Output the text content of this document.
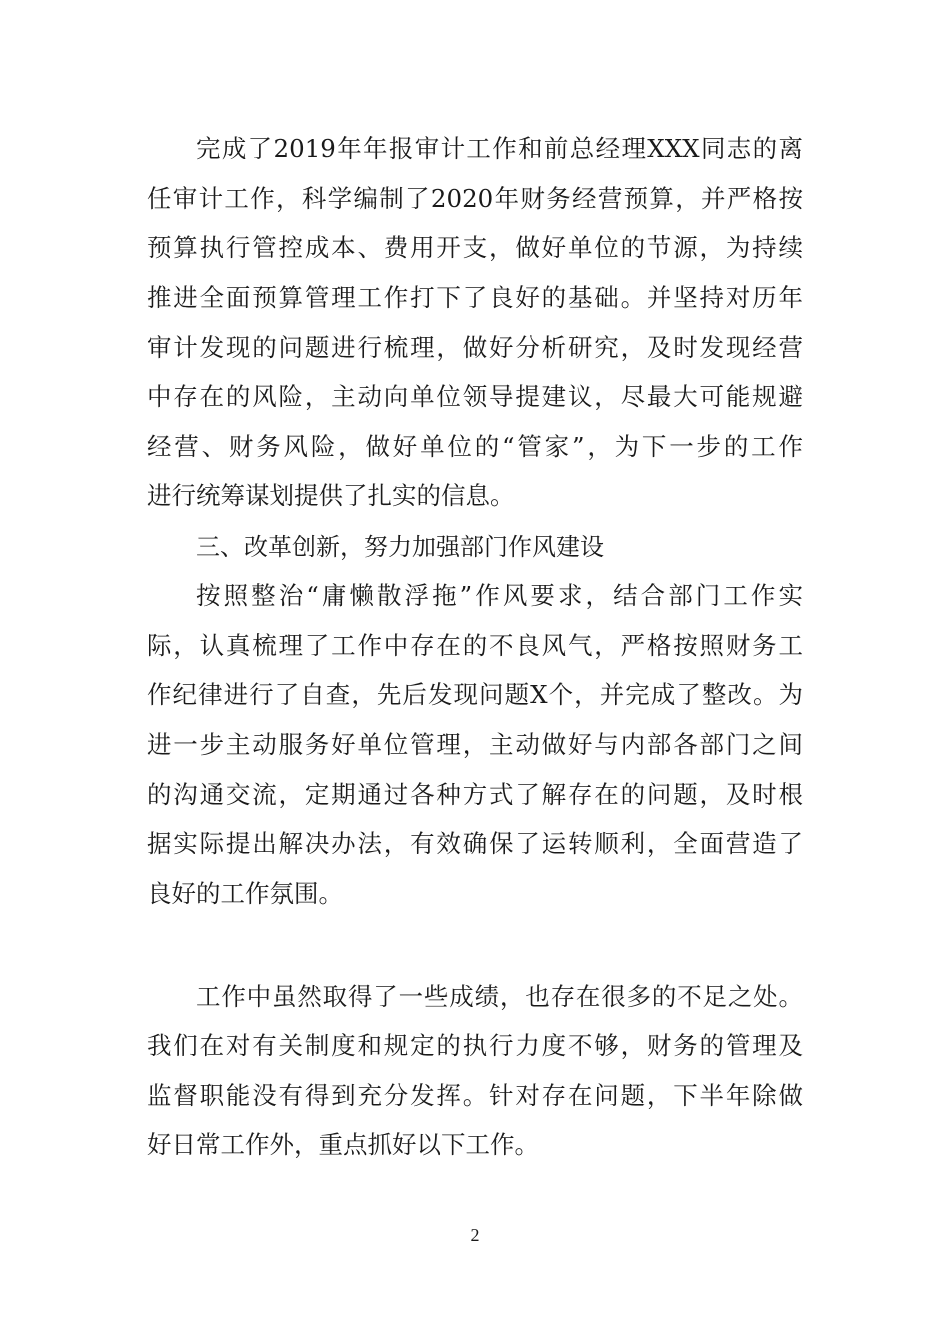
完成了2019年年报审计工作和前总经理XXX同志的离
任审计工作，科学编制了2020年财务经营预算，并严格按
预算执行管控成本、费用开支，做好单位的节源，为持续
推进全面预算管理工作打下了良好的基础。并坚持对历年
审计发现的问题进行梳理，做好分析研究，及时发现经营
中存在的风险，主动向单位领导提建议，尽最大可能规避
经营、财务风险，做好单位的“管家”，为下一步的工作
进行统筹谋划提供了扎实的信息。
三、改革创新，努力加强部门作风建设
按照整治“庸懒散浮拖”作风要求，结合部门工作实
际，认真梳理了工作中存在的不良风气，严格按照财务工
作纪律进行了自查，先后发现问题X个，并完成了整改。为
进一步主动服务好单位管理，主动做好与内部各部门之间
的沟通交流，定期通过各种方式了解存在的问题，及时根
据实际提出解决办法，有效确保了运转顺利，全面营造了
良好的工作氛围。
工作中虽然取得了一些成绩，也存在很多的不足之处。
我们在对有关制度和规定的执行力度不够，财务的管理及
监督职能没有得到充分发挥。针对存在问题，下半年除做
好日常工作外，重点抓好以下工作。
2
